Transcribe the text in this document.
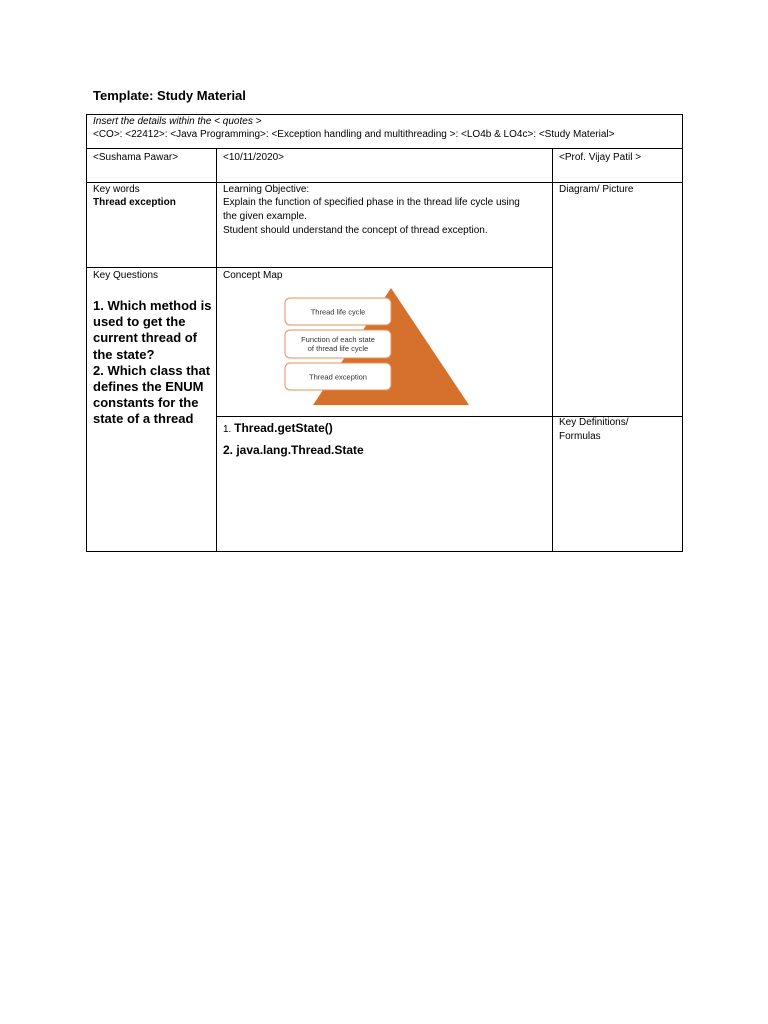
Template: Study Material
Insert the details within the < quotes >
<CO>: <22412>: <Java Programming>: <Exception handling and multithreading >: <LO4b & LO4c>: <Study Material>
<Sushama Pawar>	<10/11/2020>	<Prof. Vijay Patil >
Key words
Thread exception
Learning Objective:
Explain the function of specified phase in the thread life cycle using
the given example.
Student should understand the concept of thread exception.
Diagram/ Picture
Key Questions
1. Which method is
used to get the
current thread of
the state?
2. Which class that
defines the ENUM
constants for the
state of a thread
Concept Map
Thread life cycle
Function of each state
of thread life cycle
Thread exception
1. Thread.getState()
2. java.lang.Thread.State
Key Definitions/
Formulas
